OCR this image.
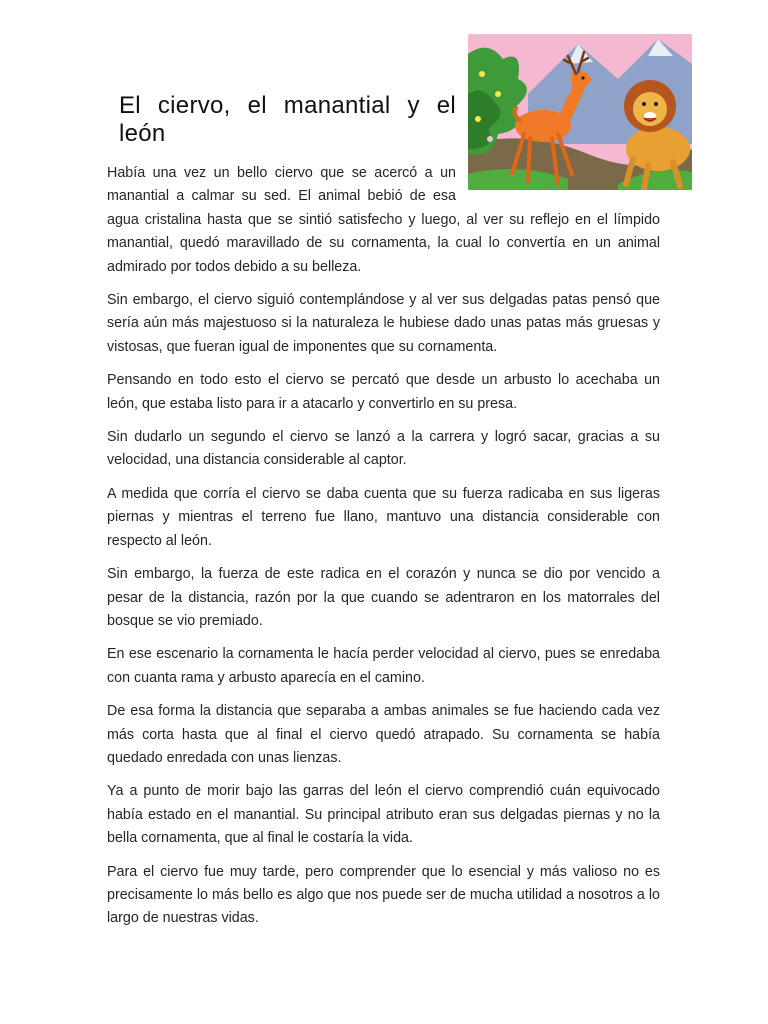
El ciervo, el manantial y el león

Había una vez un bello ciervo que se acercó a un manantial a calmar su sed. El animal bebió de esa agua cristalina hasta que se sintió satisfecho y luego, al ver su reflejo en el límpido manantial, quedó maravillado de su cornamenta, la cual lo convertía en un animal admirado por todos debido a su belleza.

Sin embargo, el ciervo siguió contemplándose y al ver sus delgadas patas pensó que sería aún más majestuoso si la naturaleza le hubiese dado unas patas más gruesas y vistosas, que fueran igual de imponentes que su cornamenta.

Pensando en todo esto el ciervo se percató que desde un arbusto lo acechaba un león, que estaba listo para ir a atacarlo y convertirlo en su presa.

Sin dudarlo un segundo el ciervo se lanzó a la carrera y logró sacar, gracias a su velocidad, una distancia considerable al captor.

A medida que corría el ciervo se daba cuenta que su fuerza radicaba en sus ligeras piernas y mientras el terreno fue llano, mantuvo una distancia considerable con respecto al león.

Sin embargo, la fuerza de este radica en el corazón y nunca se dio por vencido a pesar de la distancia, razón por la que cuando se adentraron en los matorrales del bosque se vio premiado.

En ese escenario la cornamenta le hacía perder velocidad al ciervo, pues se enredaba con cuanta rama y arbusto aparecía en el camino.

De esa forma la distancia que separaba a ambas animales se fue haciendo cada vez más corta hasta que al final el ciervo quedó atrapado. Su cornamenta se había quedado enredada con unas lienzas.

Ya a punto de morir bajo las garras del león el ciervo comprendió cuán equivocado había estado en el manantial. Su principal atributo eran sus delgadas piernas y no la bella cornamenta, que al final le costaría la vida.

Para el ciervo fue muy tarde, pero comprender que lo esencial y más valioso no es precisamente lo más bello es algo que nos puede ser de mucha utilidad a nosotros a lo largo de nuestras vidas.
